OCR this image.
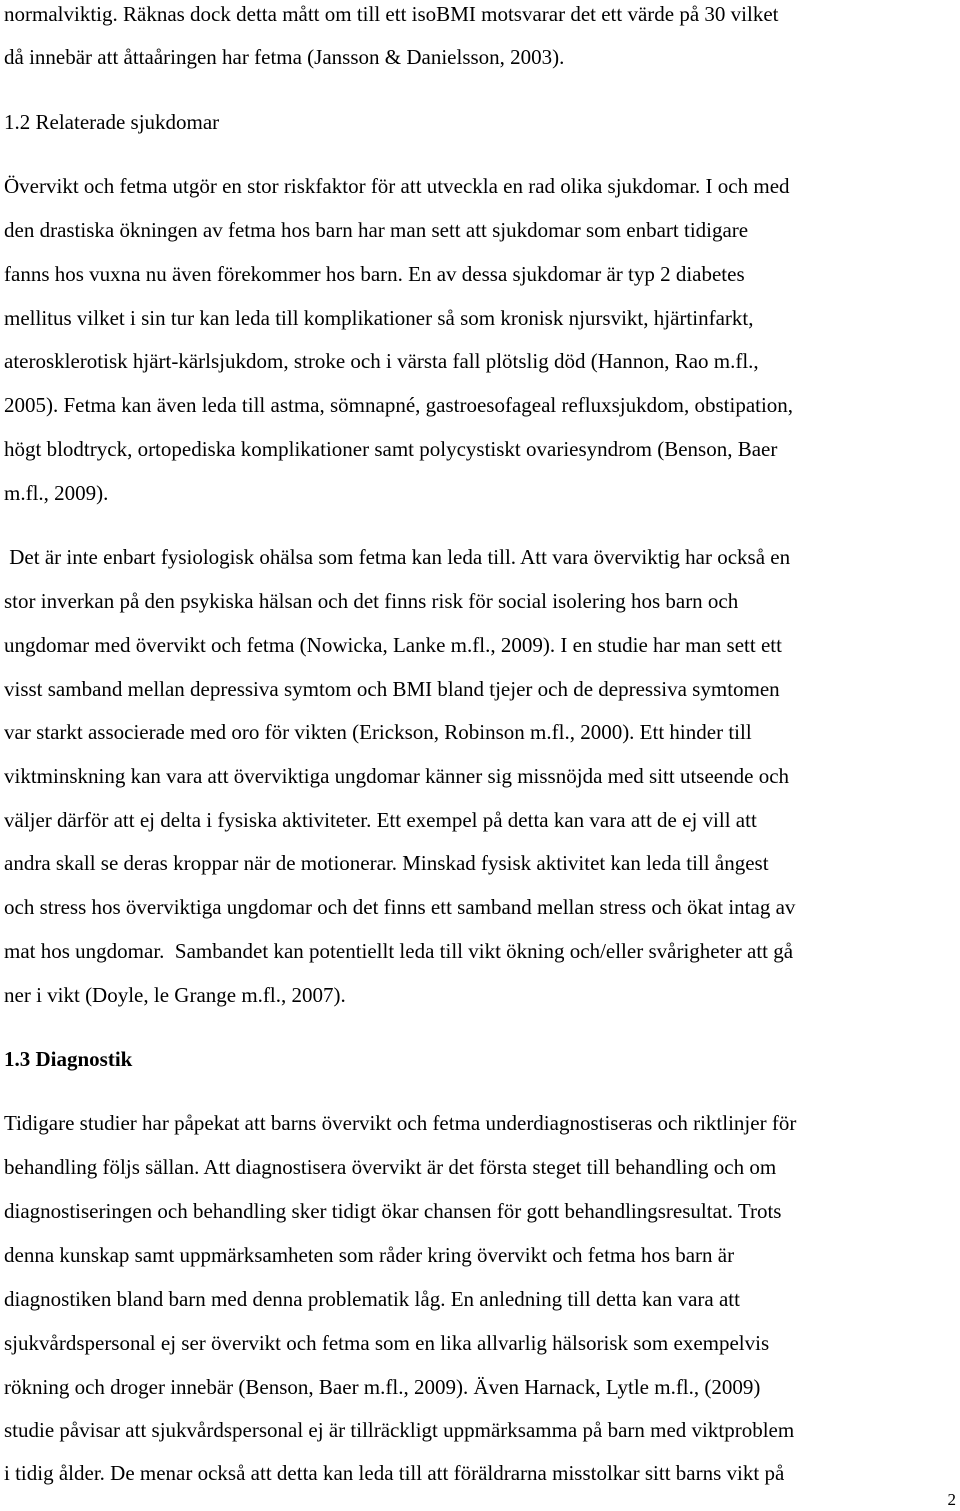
normalviktig. Räknas dock detta mått om till ett isoBMI motsvarar det ett värde på 30 vilket

då innebär att åttaåringen har fetma (Jansson & Danielsson, 2003).

1.2 Relaterade sjukdomar

Övervikt och fetma utgör en stor riskfaktor för att utveckla en rad olika sjukdomar. I och med

den drastiska ökningen av fetma hos barn har man sett att sjukdomar som enbart tidigare

fanns hos vuxna nu även förekommer hos barn. En av dessa sjukdomar är typ 2 diabetes

mellitus vilket i sin tur kan leda till komplikationer så som kronisk njursvikt, hjärtinfarkt,

aterosklerotisk hjärt-kärlsjukdom, stroke och i värsta fall plötslig död (Hannon, Rao m.fl.,

2005). Fetma kan även leda till astma, sömnapné, gastroesofageal refluxsjukdom, obstipation,

högt blodtryck, ortopediska komplikationer samt polycystiskt ovariesyndrom (Benson, Baer

m.fl., 2009).

Det är inte enbart fysiologisk ohälsa som fetma kan leda till. Att vara överviktig har också en

stor inverkan på den psykiska hälsan och det finns risk för social isolering hos barn och

ungdomar med övervikt och fetma (Nowicka, Lanke m.fl., 2009). I en studie har man sett ett

visst samband mellan depressiva symtom och BMI bland tjejer och de depressiva symtomen

var starkt associerade med oro för vikten (Erickson, Robinson m.fl., 2000). Ett hinder till

viktminskning kan vara att överviktiga ungdomar känner sig missnöjda med sitt utseende och

väljer därför att ej delta i fysiska aktiviteter. Ett exempel på detta kan vara att de ej vill att

andra skall se deras kroppar när de motionerar. Minskad fysisk aktivitet kan leda till ångest

och stress hos överviktiga ungdomar och det finns ett samband mellan stress och ökat intag av

mat hos ungdomar.  Sambandet kan potentiellt leda till vikt ökning och/eller svårigheter att gå

ner i vikt (Doyle, le Grange m.fl., 2007).

1.3 Diagnostik

Tidigare studier har påpekat att barns övervikt och fetma underdiagnostiseras och riktlinjer för

behandling följs sällan. Att diagnostisera övervikt är det första steget till behandling och om

diagnostiseringen och behandling sker tidigt ökar chansen för gott behandlingsresultat. Trots

denna kunskap samt uppmärksamheten som råder kring övervikt och fetma hos barn är

diagnostiken bland barn med denna problematik låg. En anledning till detta kan vara att

sjukvårdspersonal ej ser övervikt och fetma som en lika allvarlig hälsorisk som exempelvis

rökning och droger innebär (Benson, Baer m.fl., 2009). Även Harnack, Lytle m.fl., (2009)

studie påvisar att sjukvårdspersonal ej är tillräckligt uppmärksamma på barn med viktproblem

i tidig ålder. De menar också att detta kan leda till att föräldrarna misstolkar sitt barns vikt på

2
